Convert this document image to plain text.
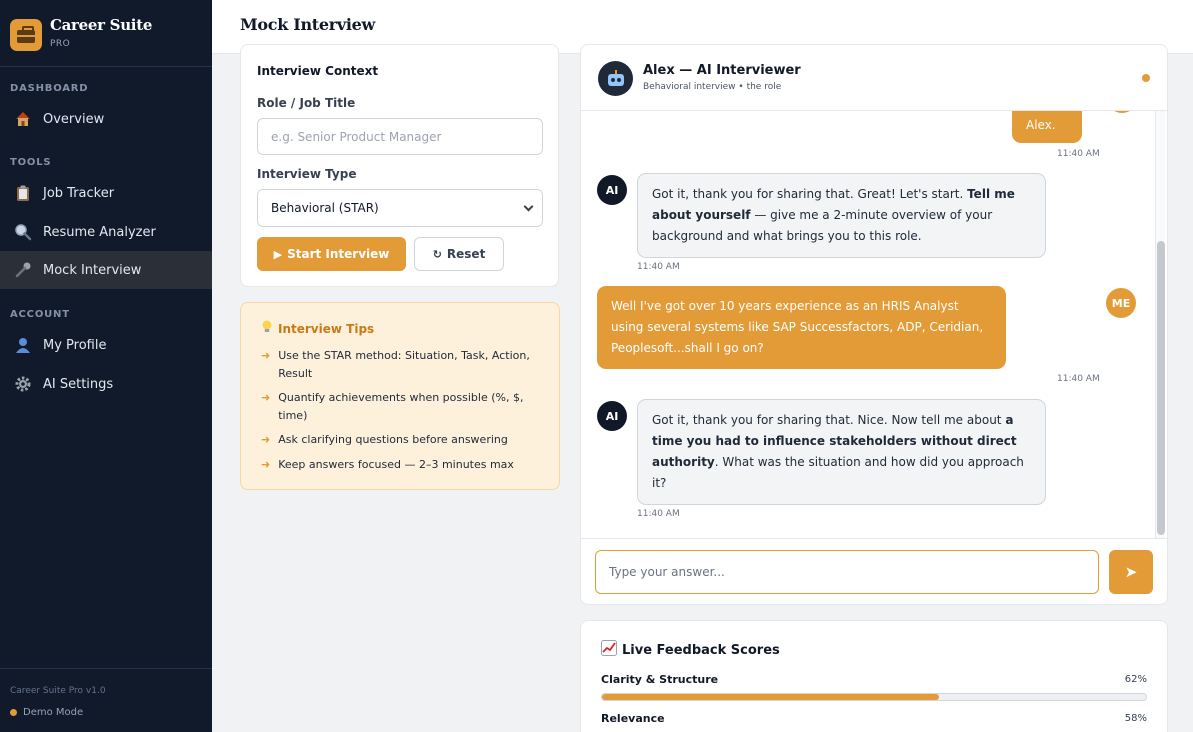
Career Suite
PRO
DASHBOARD
Overview
TOOLS
Job Tracker
Resume Analyzer
Mock Interview
ACCOUNT
My Profile
AI Settings
Career Suite Pro v1.0
Demo Mode
Mock Interview
Interview Context
Role / Job Title
e.g. Senior Product Manager
Interview Type
Behavioral (STAR)
▶ Start Interview	↻ Reset
Interview Tips
➜ Use the STAR method: Situation, Task, Action, Result
➜ Quantify achievements when possible (%, $, time)
➜ Ask clarifying questions before answering
➜ Keep answers focused — 2–3 minutes max
Alex — AI Interviewer
Behavioral interview • the role
Alex.
11:40 AM
AI	Got it, thank you for sharing that. Great! Let's start. Tell me about yourself — give me a 2-minute overview of your background and what brings you to this role.
11:40 AM
Well I've got over 10 years experience as an HRIS Analyst using several systems like SAP Successfactors, ADP, Ceridian, Peoplesoft...shall I go on?
ME
11:40 AM
AI	Got it, thank you for sharing that. Nice. Now tell me about a time you had to influence stakeholders without direct authority. What was the situation and how did you approach it?
11:40 AM
Type your answer...
➤
Live Feedback Scores
Clarity & Structure	62%
Relevance	58%
